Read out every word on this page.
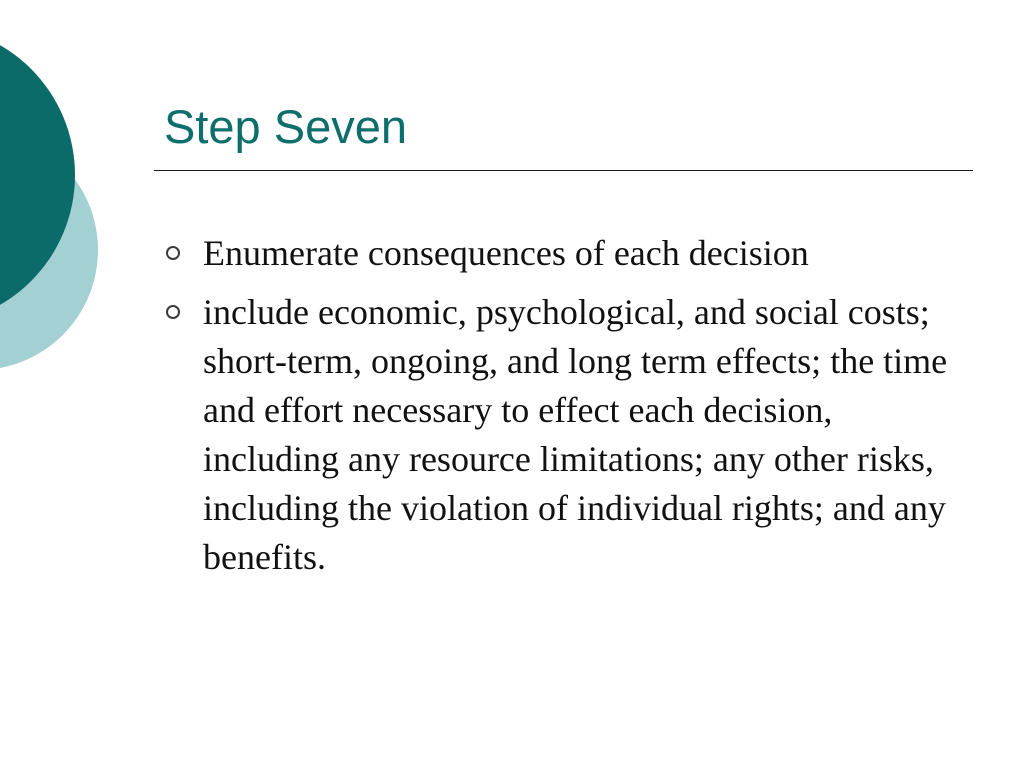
Step Seven
Enumerate consequences of each decision
include economic, psychological, and social costs; short-term, ongoing, and long term effects; the time and effort necessary to effect each decision, including any resource limitations; any other risks, including the violation of individual rights; and any benefits.
